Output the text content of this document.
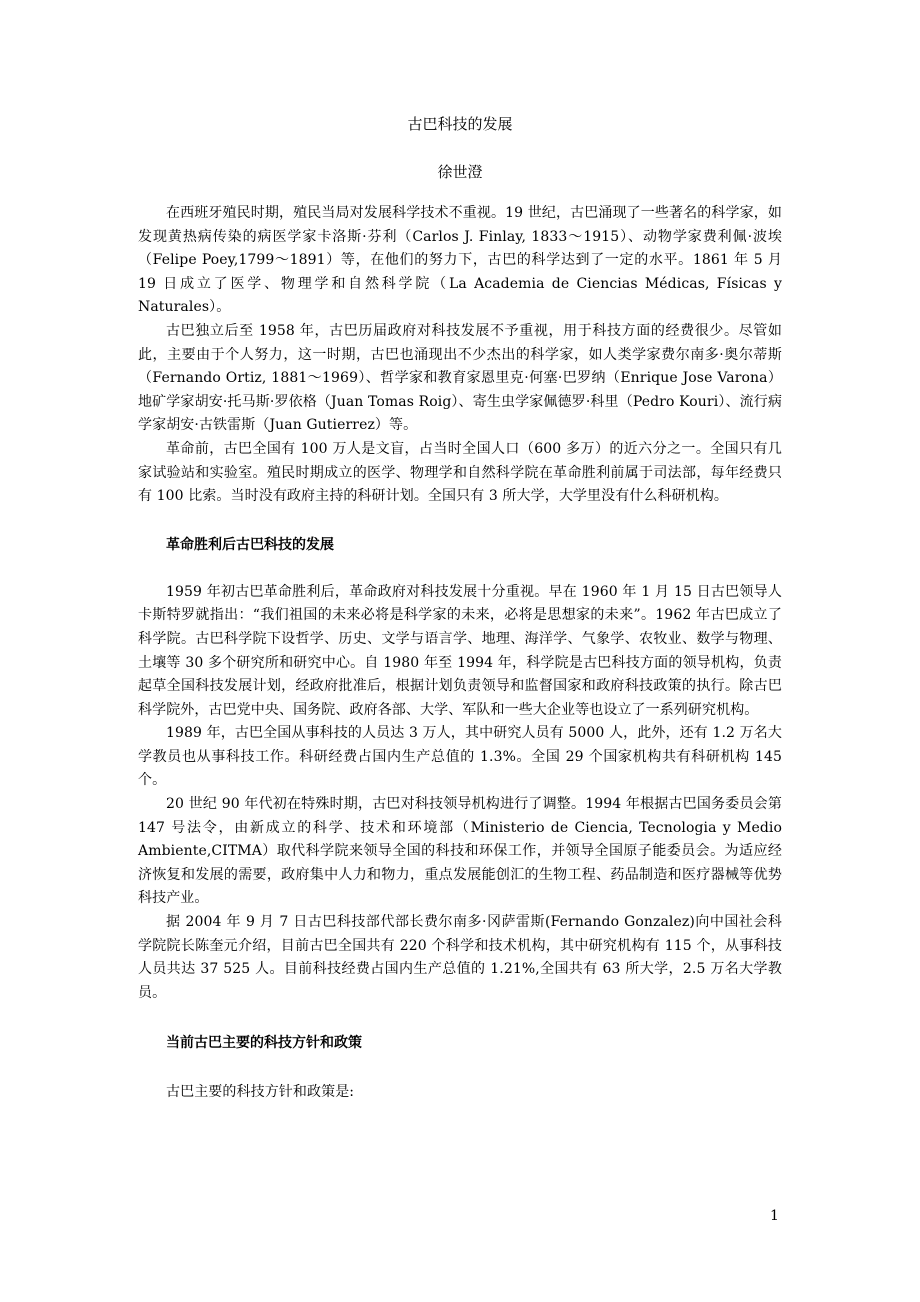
古巴科技的发展
徐世澄

在西班牙殖民时期，殖民当局对发展科学技术不重视。19 世纪，古巴涌现了一些著名的科学家，如发现黄热病传染的病医学家卡洛斯·芬利（Carlos J. Finlay, 1833～1915）、动物学家费利佩·波埃（Felipe Poey,1799～1891）等，在他们的努力下，古巴的科学达到了一定的水平。1861 年 5 月 19 日成立了医学、物理学和自然科学院（La Academia de Ciencias Médicas, Físicas y Naturales）。

古巴独立后至 1958 年，古巴历届政府对科技发展不予重视，用于科技方面的经费很少。尽管如此，主要由于个人努力，这一时期，古巴也涌现出不少杰出的科学家，如人类学家费尔南多·奥尔蒂斯（Fernando Ortiz, 1881～1969）、哲学家和教育家恩里克·何塞·巴罗纳（Enrique Jose Varona）地矿学家胡安·托马斯·罗依格（Juan Tomas Roig）、寄生虫学家佩德罗·科里（Pedro Kouri）、流行病学家胡安·古铁雷斯（Juan Gutierrez）等。

革命前，古巴全国有 100 万人是文盲，占当时全国人口（600 多万）的近六分之一。全国只有几家试验站和实验室。殖民时期成立的医学、物理学和自然科学院在革命胜利前属于司法部，每年经费只有 100 比索。当时没有政府主持的科研计划。全国只有 3 所大学，大学里没有什么科研机构。

革命胜利后古巴科技的发展

1959 年初古巴革命胜利后，革命政府对科技发展十分重视。早在 1960 年 1 月 15 日古巴领导人卡斯特罗就指出：“我们祖国的未来必将是科学家的未来，必将是思想家的未来”。1962 年古巴成立了科学院。古巴科学院下设哲学、历史、文学与语言学、地理、海洋学、气象学、农牧业、数学与物理、土壤等 30 多个研究所和研究中心。自 1980 年至 1994 年，科学院是古巴科技方面的领导机构，负责起草全国科技发展计划，经政府批准后，根据计划负责领导和监督国家和政府科技政策的执行。除古巴科学院外，古巴党中央、国务院、政府各部、大学、军队和一些大企业等也设立了一系列研究机构。

1989 年，古巴全国从事科技的人员达 3 万人，其中研究人员有 5000 人，此外，还有 1.2 万名大学教员也从事科技工作。科研经费占国内生产总值的 1.3%。全国 29 个国家机构共有科研机构 145 个。

20 世纪 90 年代初在特殊时期，古巴对科技领导机构进行了调整。1994 年根据古巴国务委员会第 147 号法令，由新成立的科学、技术和环境部（Ministerio de Ciencia, Tecnologia y Medio Ambiente,CITMA）取代科学院来领导全国的科技和环保工作，并领导全国原子能委员会。为适应经济恢复和发展的需要，政府集中人力和物力，重点发展能创汇的生物工程、药品制造和医疗器械等优势科技产业。

据 2004 年 9 月 7 日古巴科技部代部长费尔南多·冈萨雷斯(Fernando Gonzalez)向中国社会科学院院长陈奎元介绍，目前古巴全国共有 220 个科学和技术机构，其中研究机构有 115 个，从事科技人员共达 37 525 人。目前科技经费占国内生产总值的 1.21%,全国共有 63 所大学，2.5 万名大学教员。

当前古巴主要的科技方针和政策

古巴主要的科技方针和政策是:

1
